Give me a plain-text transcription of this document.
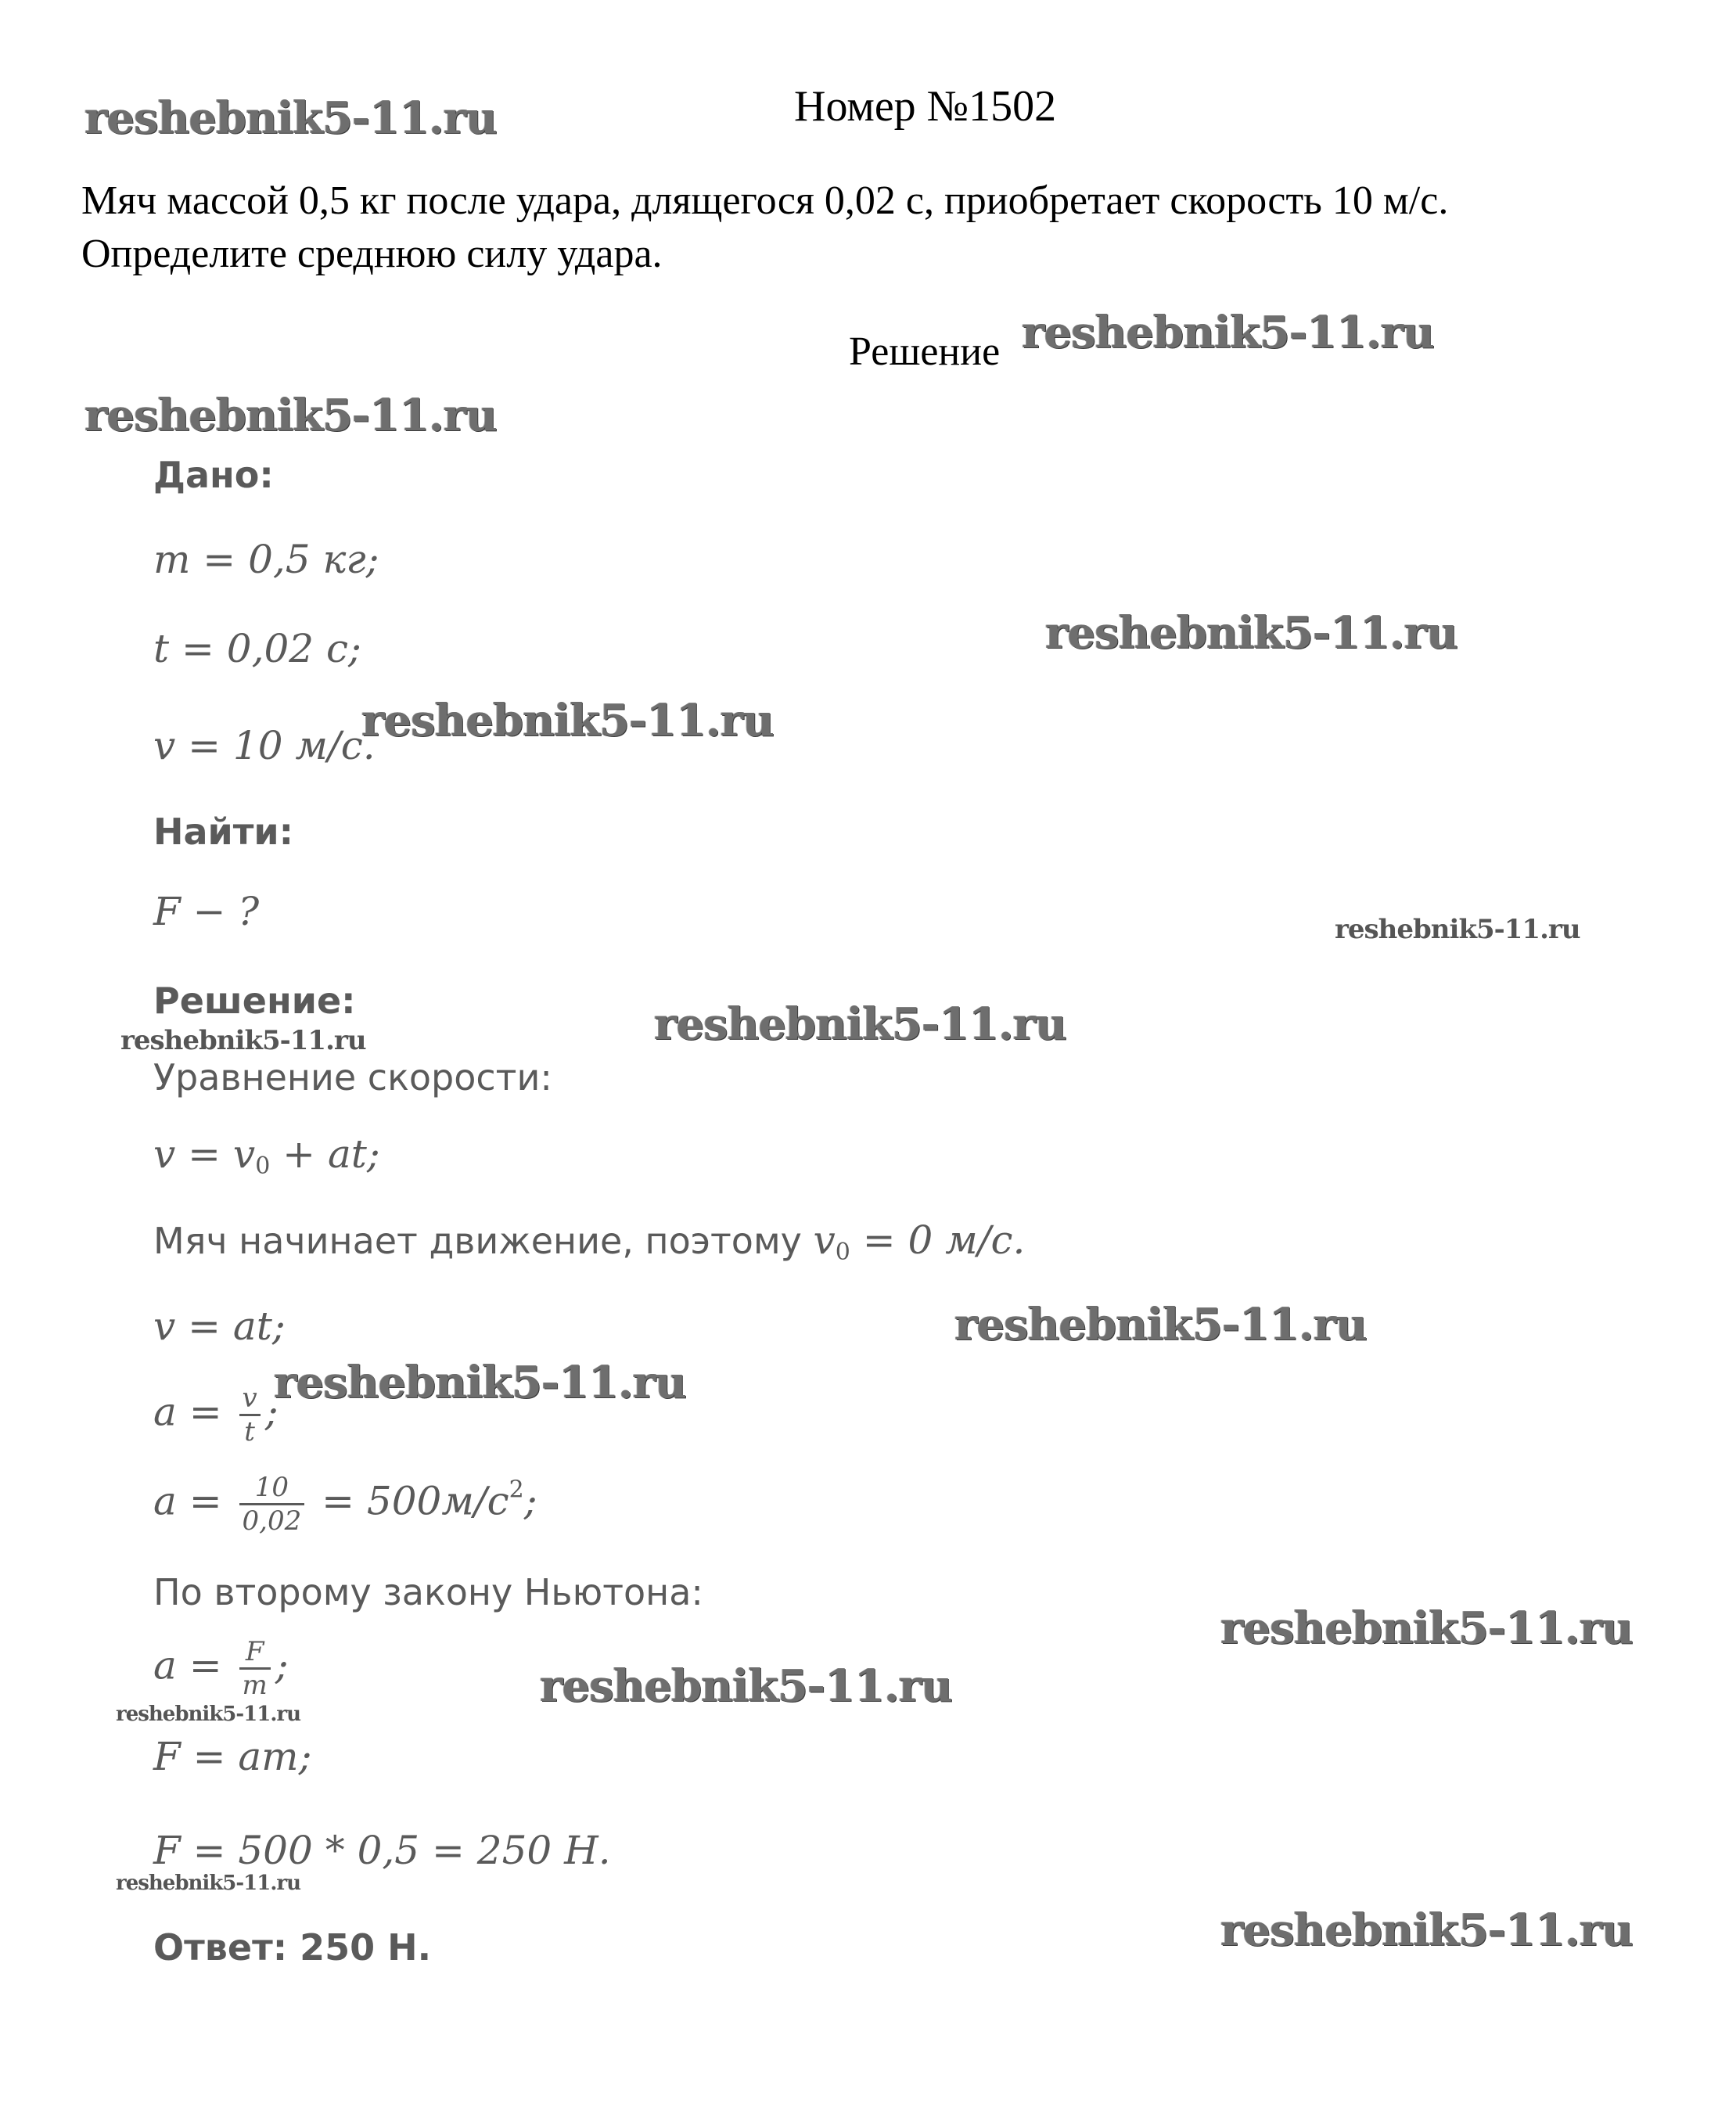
Номер №1502
Мяч массой 0,5 кг после удара, длящегося 0,02 с, приобретает скорость 10 м/с.
Определите среднюю силу удара.
Решение
Дано:
m = 0,5 кг;
t = 0,02 с;
v = 10 м/с.
Найти:
F − ?
Решение:
Уравнение скорости:
$v = v_0$ + at;
Мяч начинает движение, поэтому $v_0 = 0$ м/с.
v = at;
$a = \frac{v}{t}$ ;
$a = \frac{10}{0,02} = 500м/с^2$;
По второму закону Ньютона:
$a = \frac{F}{m}$ ;
F = am;
F = 500 * 0,5 = 250 Н.
Ответ: 250 Н.
reshebnik5-11.ru
reshebnik5-11.ru
reshebnik5-11.ru
reshebnik5-11.ru
reshebnik5-11.ru
reshebnik5-11.ru
reshebnik5-11.ru	reshebnik5-11.ru
reshebnik5-11.ru
reshebnik5-11.ru
reshebnik5-11.ru
reshebnik5-11.ru
reshebnik5-11.ru
reshebnik5-11.ru
reshebnik5-11.ru
